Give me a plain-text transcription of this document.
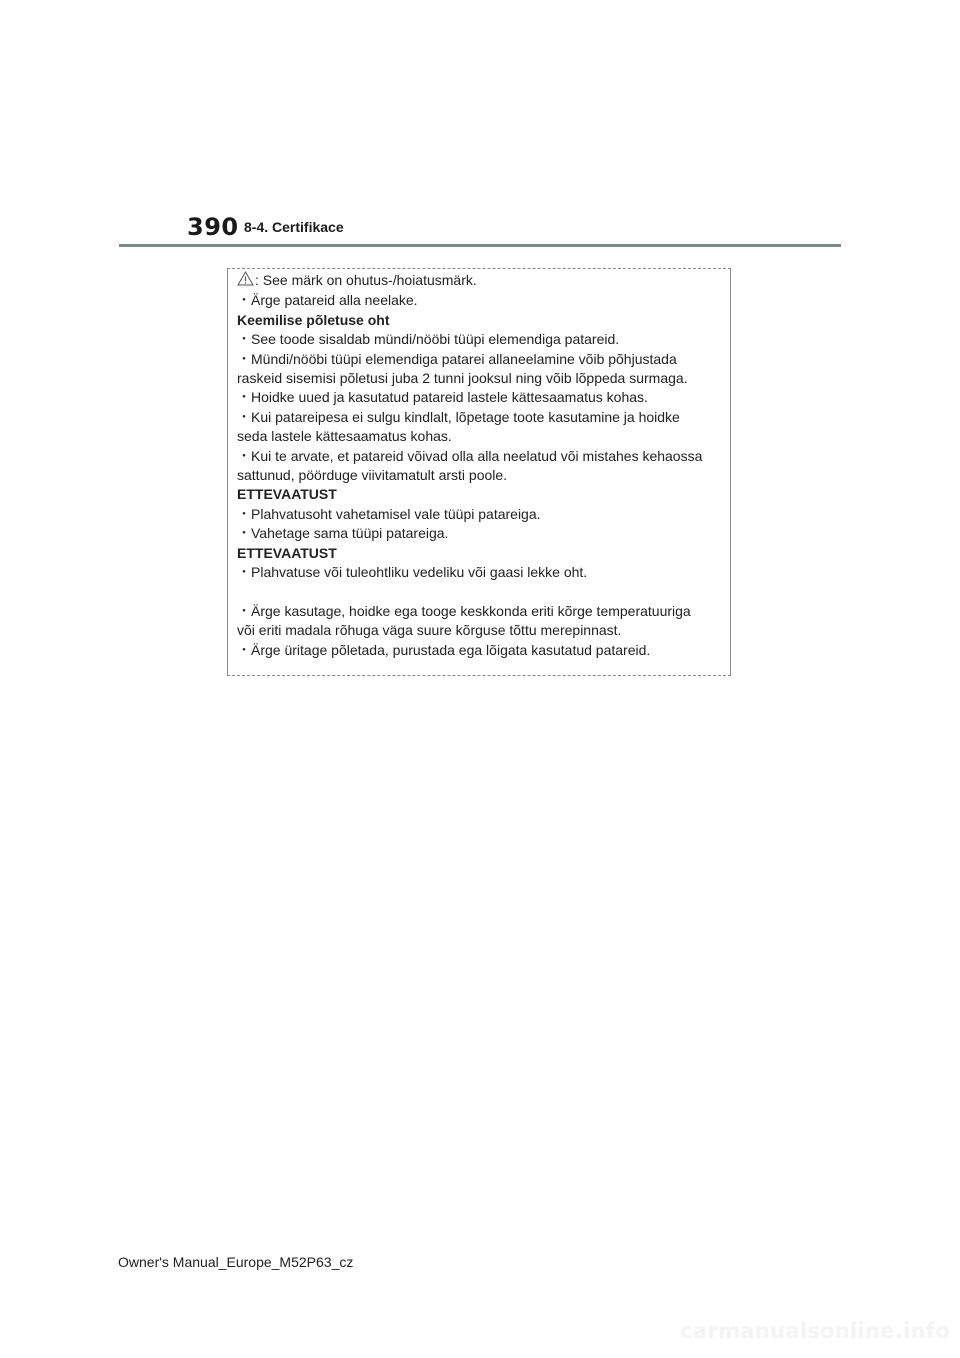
390 8-4. Certifikace
: See märk on ohutus-/hoiatusmärk.
・Ärge patareid alla neelake.
Keemilise põletuse oht
・See toode sisaldab mündi/nööbi tüüpi elemendiga patareid.
・Mündi/nööbi tüüpi elemendiga patarei allaneelamine võib põhjustada
raskeid sisemisi põletusi juba 2 tunni jooksul ning võib lõppeda surmaga.
・Hoidke uued ja kasutatud patareid lastele kättesaamatus kohas.
・Kui patareipesa ei sulgu kindlalt, lõpetage toote kasutamine ja hoidke
seda lastele kättesaamatus kohas.
・Kui te arvate, et patareid võivad olla alla neelatud või mistahes kehaossa
sattunud, pöörduge viivitamatult arsti poole.
ETTEVAATUST
・Plahvatusoht vahetamisel vale tüüpi patareiga.
・Vahetage sama tüüpi patareiga.
ETTEVAATUST
・Plahvatuse või tuleohtliku vedeliku või gaasi lekke oht.
・Ärge kasutage, hoidke ega tooge keskkonda eriti kõrge temperatuuriga
või eriti madala rõhuga väga suure kõrguse tõttu merepinnast.
・Ärge üritage põletada, purustada ega lõigata kasutatud patareid.
Owner's Manual_Europe_M52P63_cz
carmanualsonline.info
